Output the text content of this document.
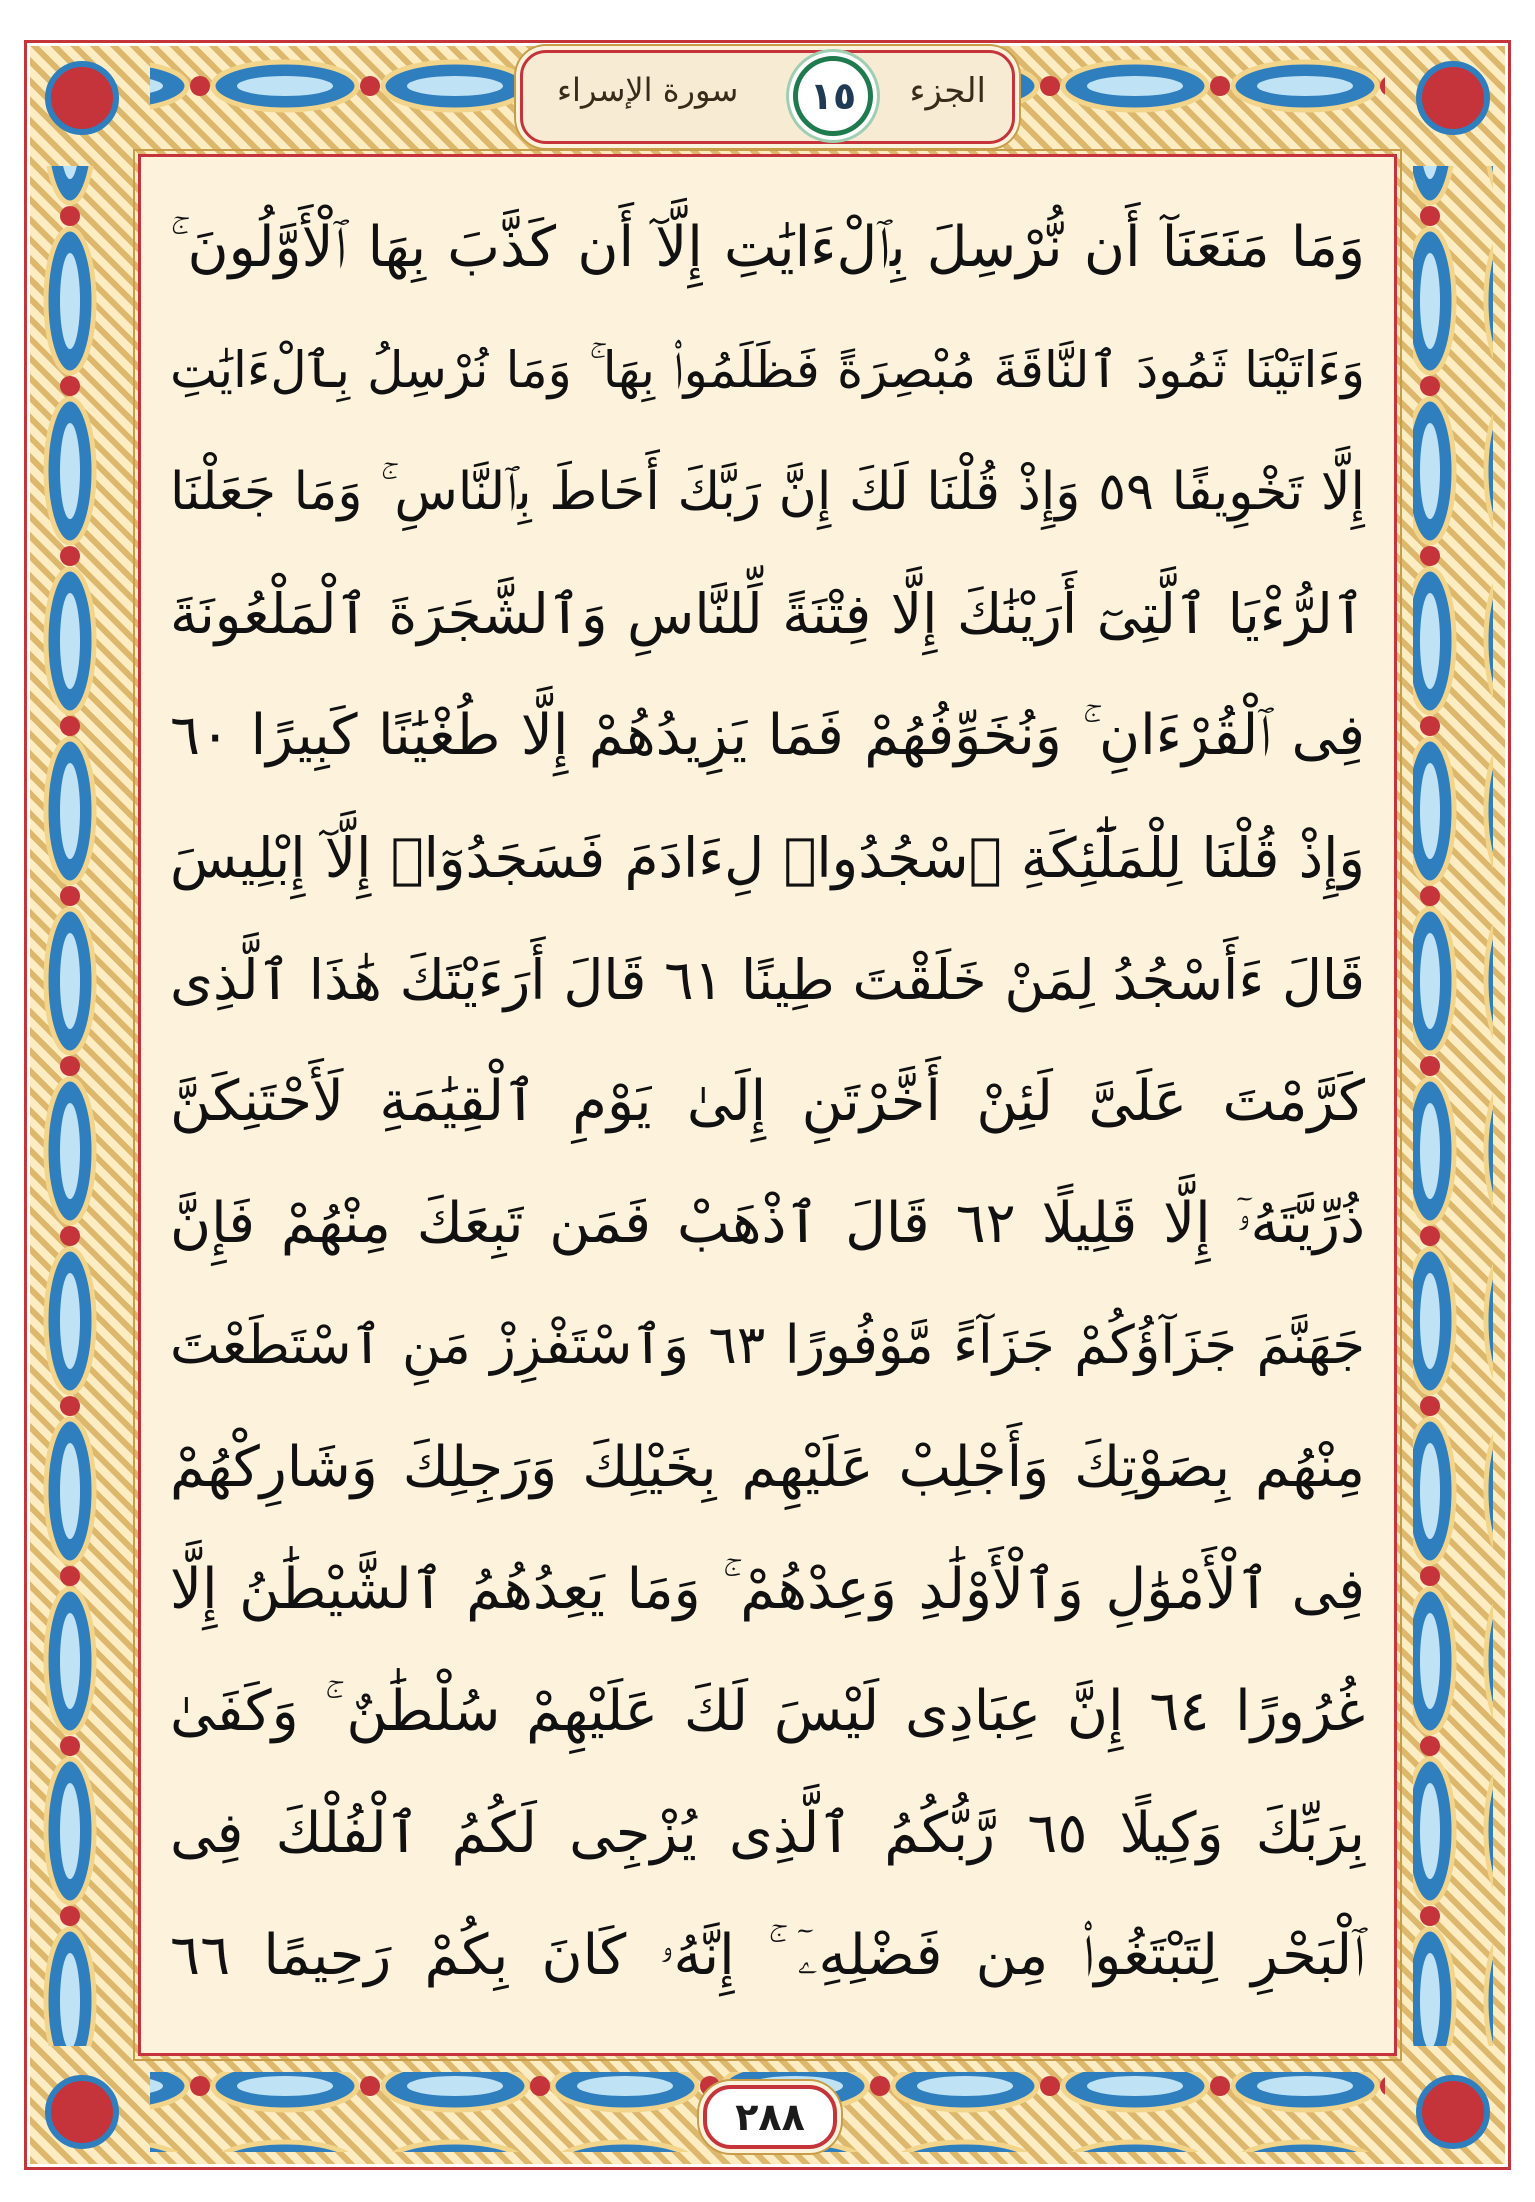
الجزء
سورة الإسراء ١٥
وَمَا مَنَعَنَآ أَن نُّرْسِلَ بِٱلْءَايَٰتِ إِلَّآ أَن كَذَّبَ بِهَا ٱلْأَوَّلُونَ ۚ
وَءَاتَيْنَا ثَمُودَ ٱلنَّاقَةَ مُبْصِرَةً فَظَلَمُوا۟ بِهَا ۚ وَمَا نُرْسِلُ بِٱلْءَايَٰتِ
إِلَّا تَخْوِيفًا ٥٩ وَإِذْ قُلْنَا لَكَ إِنَّ رَبَّكَ أَحَاطَ بِٱلنَّاسِ ۚ وَمَا جَعَلْنَا
ٱلرُّءْيَا ٱلَّتِىٓ أَرَيْنَٰكَ إِلَّا فِتْنَةً لِّلنَّاسِ وَٱلشَّجَرَةَ ٱلْمَلْعُونَةَ
فِى ٱلْقُرْءَانِ ۚ وَنُخَوِّفُهُمْ فَمَا يَزِيدُهُمْ إِلَّا طُغْيَٰنًا كَبِيرًا ٦٠
وَإِذْ قُلْنَا لِلْمَلَٰٓئِكَةِ ٱسْجُدُوا۟ لِءَادَمَ فَسَجَدُوٓا۟ إِلَّآ إِبْلِيسَ
قَالَ ءَأَسْجُدُ لِمَنْ خَلَقْتَ طِينًا ٦١ قَالَ أَرَءَيْتَكَ هَٰذَا ٱلَّذِى
كَرَّمْتَ عَلَىَّ لَئِنْ أَخَّرْتَنِ إِلَىٰ يَوْمِ ٱلْقِيَٰمَةِ لَأَحْتَنِكَنَّ
ذُرِّيَّتَهُۥٓ إِلَّا قَلِيلًا ٦٢ قَالَ ٱذْهَبْ فَمَن تَبِعَكَ مِنْهُمْ فَإِنَّ
جَهَنَّمَ جَزَآؤُكُمْ جَزَآءً مَّوْفُورًا ٦٣ وَٱسْتَفْزِزْ مَنِ ٱسْتَطَعْتَ
مِنْهُم بِصَوْتِكَ وَأَجْلِبْ عَلَيْهِم بِخَيْلِكَ وَرَجِلِكَ وَشَارِكْهُمْ
فِى ٱلْأَمْوَٰلِ وَٱلْأَوْلَٰدِ وَعِدْهُمْ ۚ وَمَا يَعِدُهُمُ ٱلشَّيْطَٰنُ إِلَّا
غُرُورًا ٦٤ إِنَّ عِبَادِى لَيْسَ لَكَ عَلَيْهِمْ سُلْطَٰنٌ ۚ وَكَفَىٰ
بِرَبِّكَ وَكِيلًا ٦٥ رَّبُّكُمُ ٱلَّذِى يُزْجِى لَكُمُ ٱلْفُلْكَ فِى
ٱلْبَحْرِ لِتَبْتَغُوا۟ مِن فَضْلِهِۦٓ ۚ إِنَّهُۥ كَانَ بِكُمْ رَحِيمًا ٦٦
٢٨٨
